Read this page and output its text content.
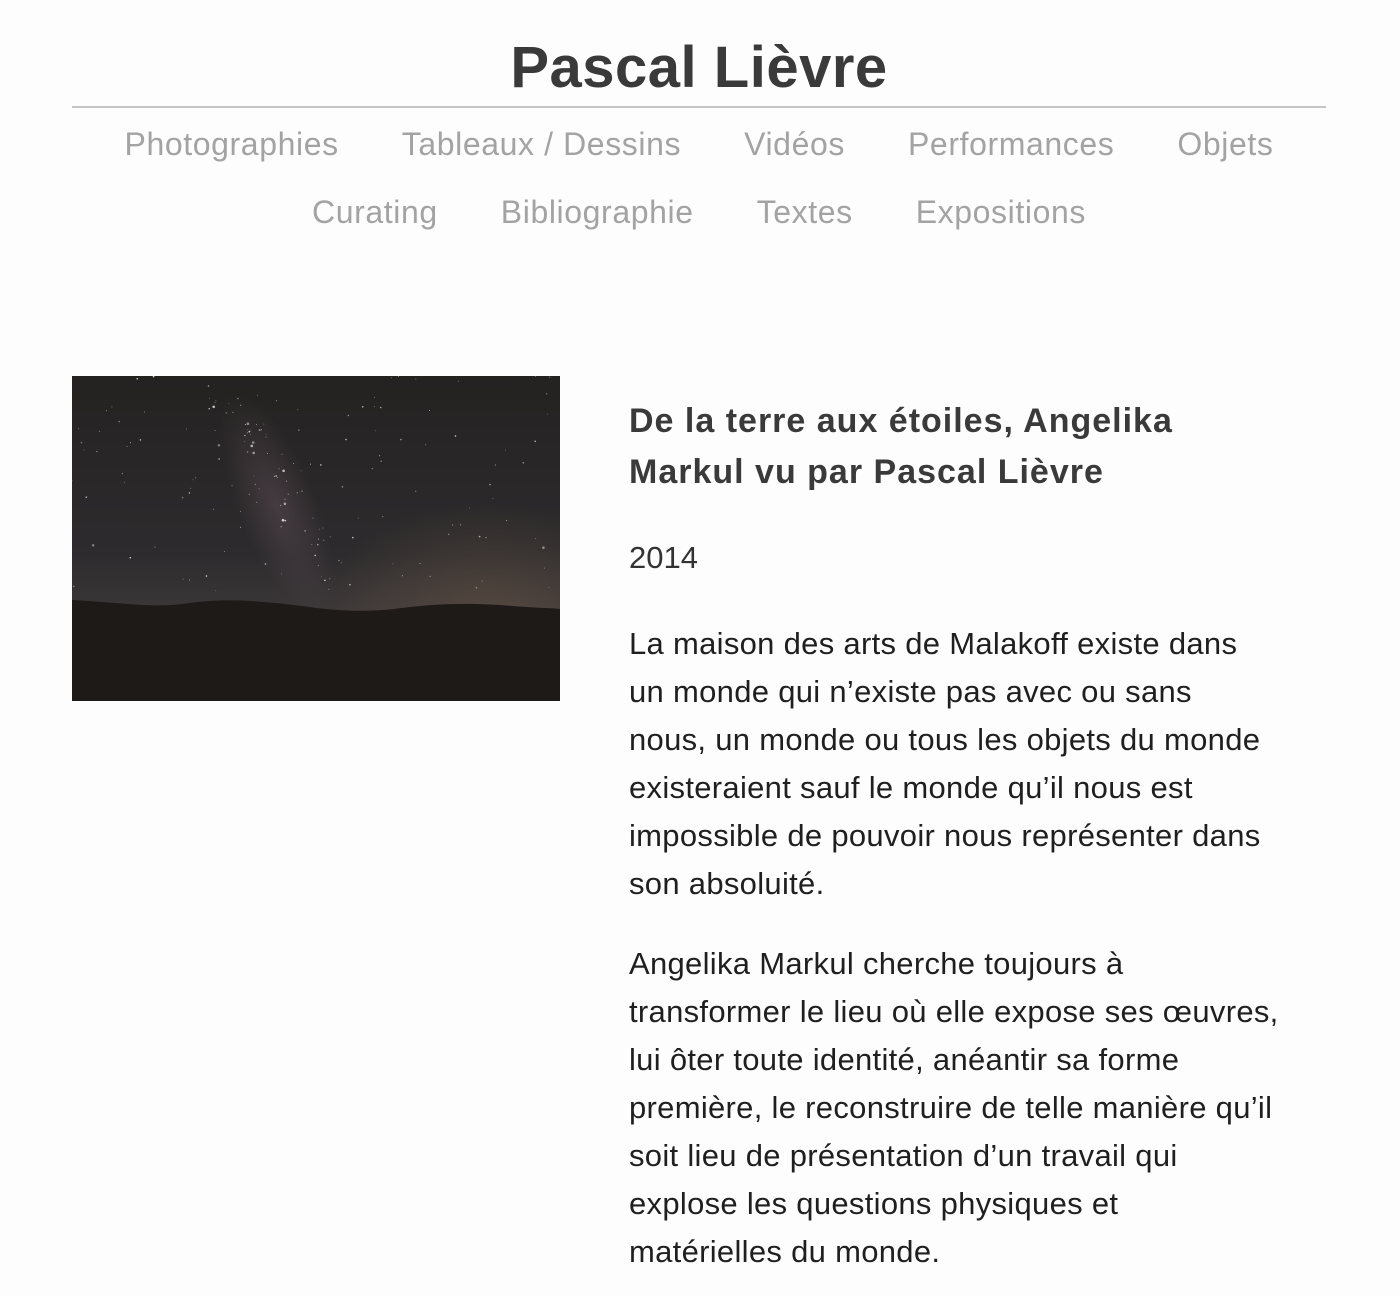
Pascal Lièvre
Photographies Tableaux / Dessins Vidéos Performances Objets
Curating Bibliographie Textes Expositions
De la terre aux étoiles, Angelika
Markul vu par Pascal Lièvre

2014

La maison des arts de Malakoff existe dans
un monde qui n’existe pas avec ou sans
nous, un monde ou tous les objets du monde
existeraient sauf le monde qu’il nous est
impossible de pouvoir nous représenter dans
son absoluité.

Angelika Markul cherche toujours à
transformer le lieu où elle expose ses œuvres,
lui ôter toute identité, anéantir sa forme
première, le reconstruire de telle manière qu’il
soit lieu de présentation d’un travail qui
explose les questions physiques et
matérielles du monde.
